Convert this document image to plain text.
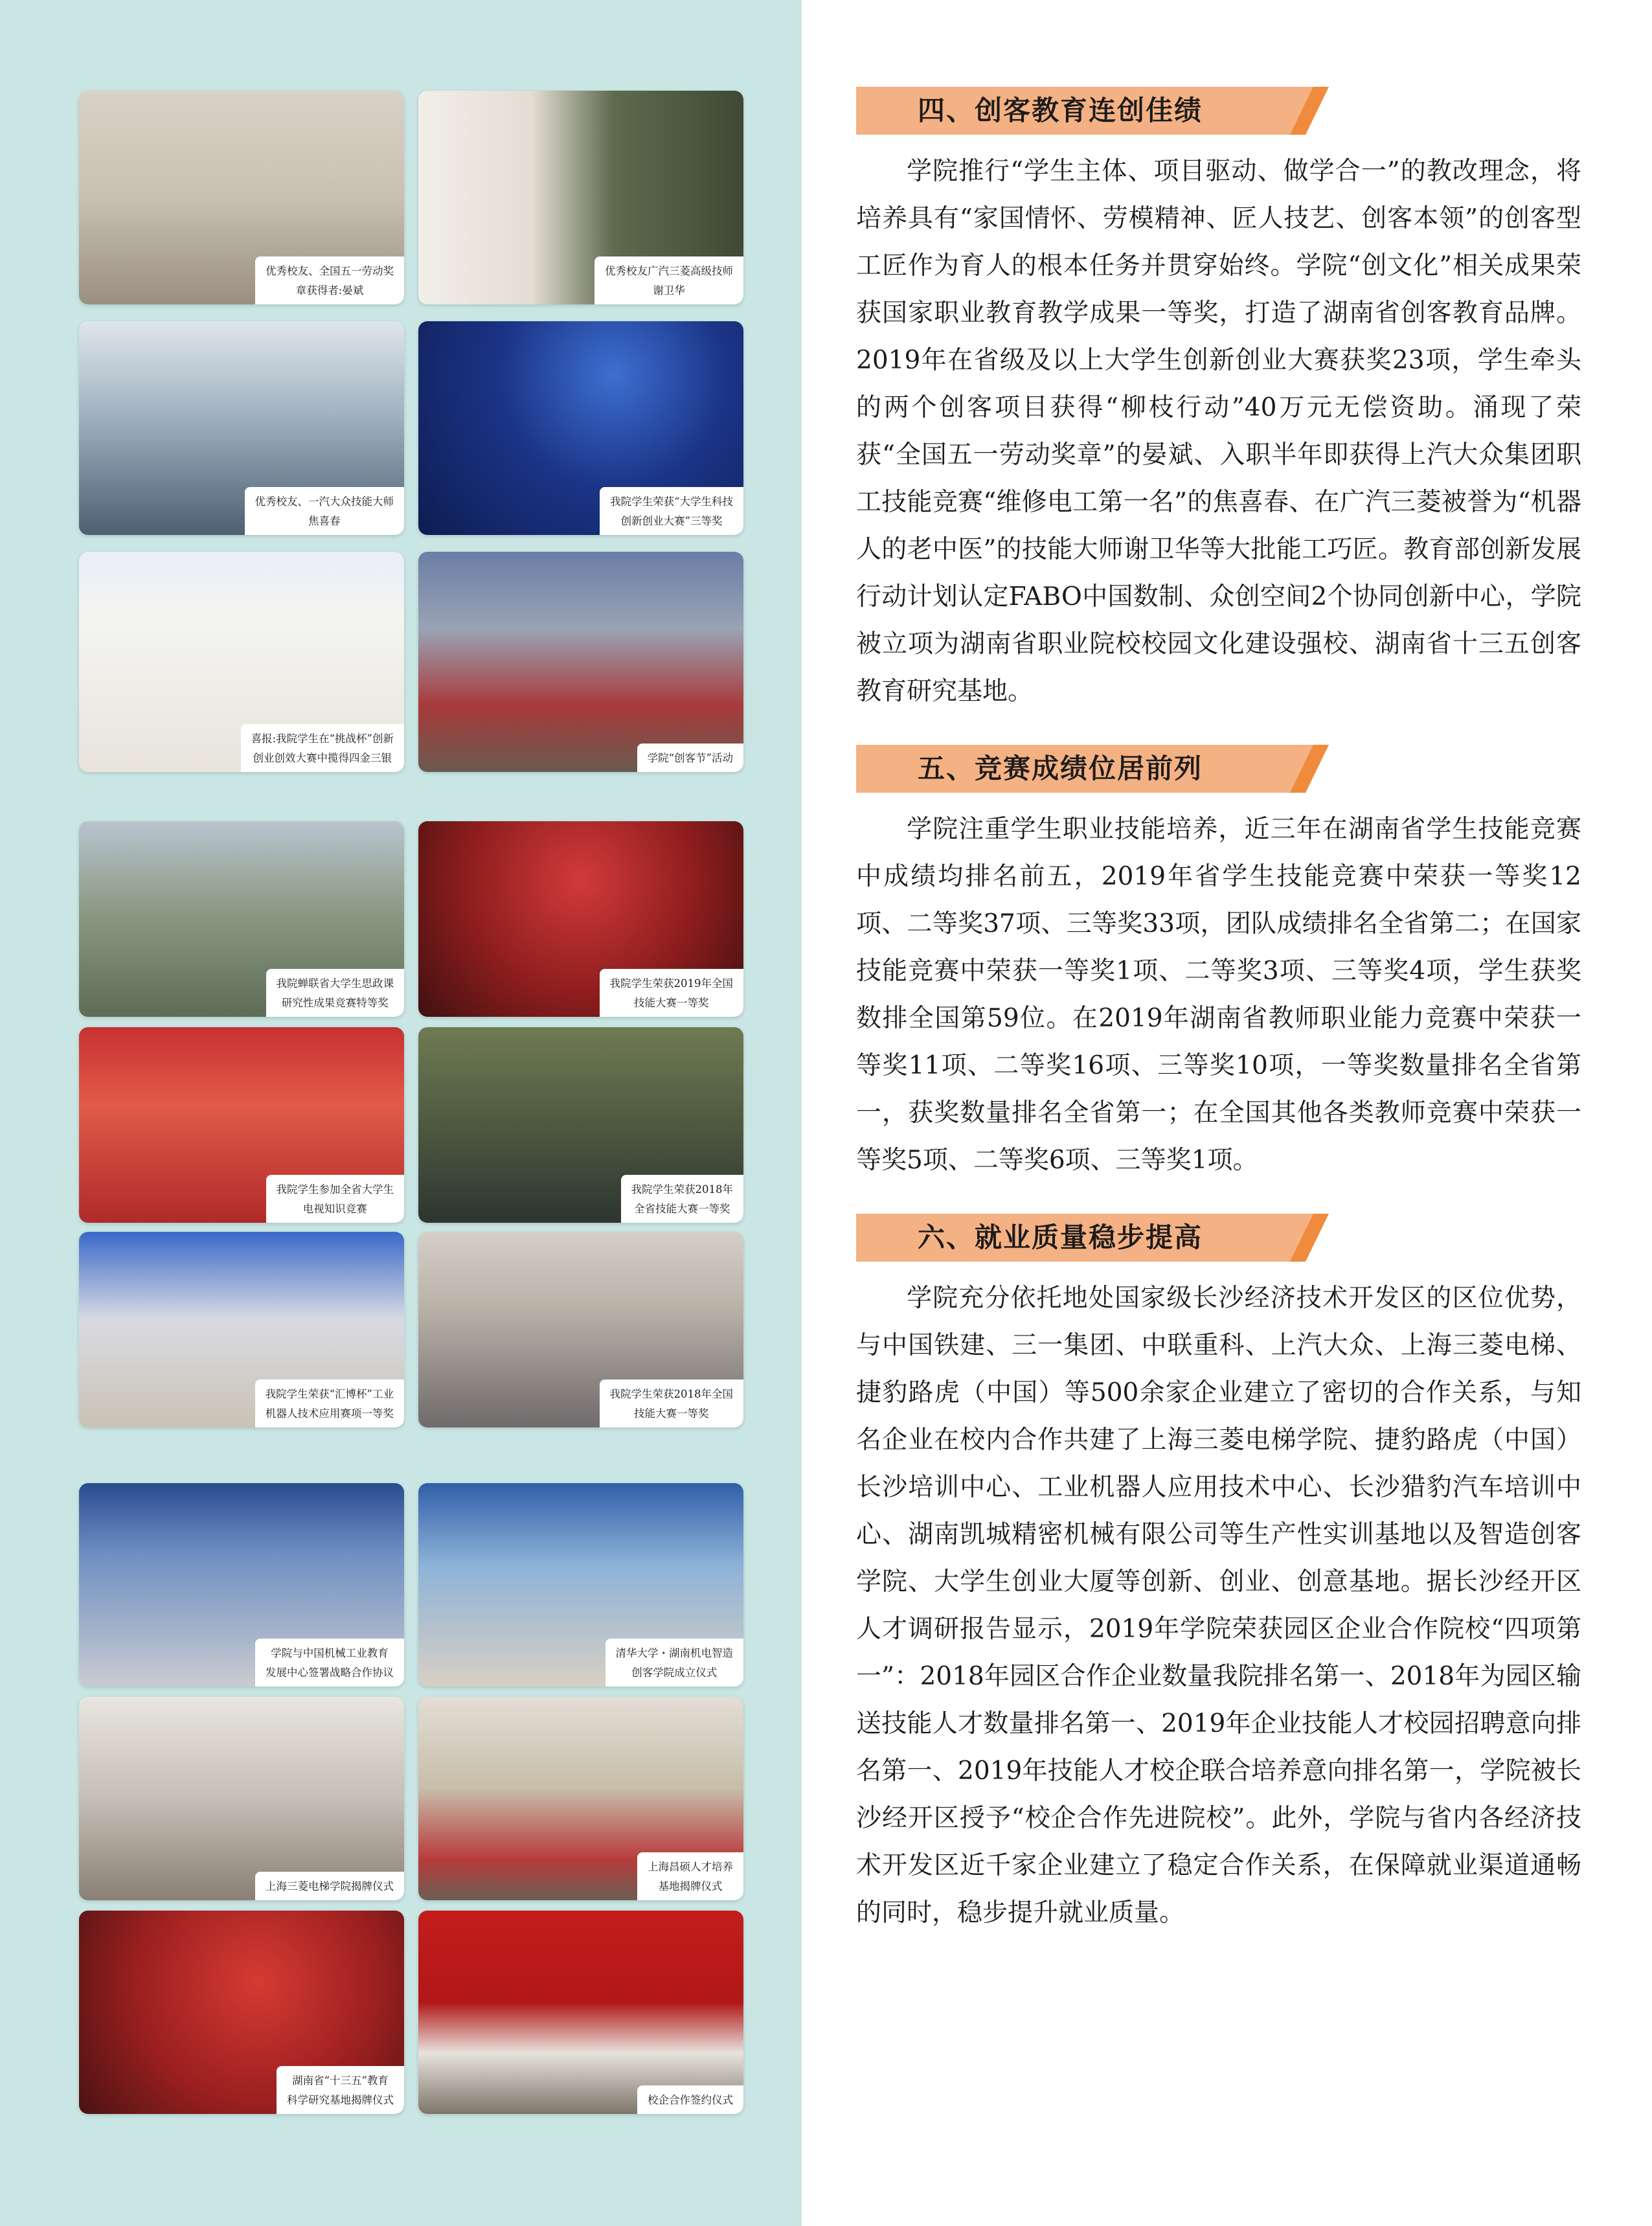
优秀校友、全国五一劳动奖
章获得者:晏斌
优秀校友广汽三菱高级技师
谢卫华
优秀校友、一汽大众技能大师
焦喜春
我院学生荣获“大学生科技
创新创业大赛”三等奖
喜报:我院学生在“挑战杯”创新
创业创效大赛中揽得四金三银	学院“创客节”活动
我院蝉联省大学生思政课
研究性成果竞赛特等奖
我院学生荣获2019年全国
技能大赛一等奖
我院学生参加全省大学生
电视知识竞赛
我院学生荣获2018年
全省技能大赛一等奖
我院学生荣获“汇博杯”工业
机器人技术应用赛项一等奖
我院学生荣获2018年全国
技能大赛一等奖
学院与中国机械工业教育
发展中心签署战略合作协议
清华大学・湖南机电智造
创客学院成立仪式
上海三菱电梯学院揭牌仪式
上海昌硕人才培养
基地揭牌仪式
湖南省“十三五”教育
科学研究基地揭牌仪式	校企合作签约仪式
四、创客教育连创佳绩

学院推行“学生主体、项目驱动、做学合一”的教改理念，将培养具有“家国情怀、劳模精神、匠人技艺、创客本领”的创客型工匠作为育人的根本任务并贯穿始终。学院“创文化”相关成果荣获国家职业教育教学成果一等奖，打造了湖南省创客教育品牌。2019年在省级及以上大学生创新创业大赛获奖23项，学生牵头的两个创客项目获得“柳枝行动”40万元无偿资助。涌现了荣获“全国五一劳动奖章”的晏斌、入职半年即获得上汽大众集团职工技能竞赛“维修电工第一名”的焦喜春、在广汽三菱被誉为“机器人的老中医”的技能大师谢卫华等大批能工巧匠。教育部创新发展行动计划认定FABO中国数制、众创空间2个协同创新中心，学院被立项为湖南省职业院校校园文化建设强校、湖南省十三五创客教育研究基地。

五、竞赛成绩位居前列

学院注重学生职业技能培养，近三年在湖南省学生技能竞赛中成绩均排名前五，2019年省学生技能竞赛中荣获一等奖12项、二等奖37项、三等奖33项，团队成绩排名全省第二；在国家技能竞赛中荣获一等奖1项、二等奖3项、三等奖4项，学生获奖数排全国第59位。在2019年湖南省教师职业能力竞赛中荣获一等奖11项、二等奖16项、三等奖10项，一等奖数量排名全省第一，获奖数量排名全省第一；在全国其他各类教师竞赛中荣获一等奖5项、二等奖6项、三等奖1项。

六、就业质量稳步提高

学院充分依托地处国家级长沙经济技术开发区的区位优势，与中国铁建、三一集团、中联重科、上汽大众、上海三菱电梯、捷豹路虎（中国）等500余家企业建立了密切的合作关系，与知名企业在校内合作共建了上海三菱电梯学院、捷豹路虎（中国）长沙培训中心、工业机器人应用技术中心、长沙猎豹汽车培训中心、湖南凯城精密机械有限公司等生产性实训基地以及智造创客学院、大学生创业大厦等创新、创业、创意基地。据长沙经开区人才调研报告显示，2019年学院荣获园区企业合作院校“四项第一”：2018年园区合作企业数量我院排名第一、2018年为园区输送技能人才数量排名第一、2019年企业技能人才校园招聘意向排名第一、2019年技能人才校企联合培养意向排名第一，学院被长沙经开区授予“校企合作先进院校”。此外，学院与省内各经济技术开发区近千家企业建立了稳定合作关系，在保障就业渠道通畅的同时，稳步提升就业质量。
